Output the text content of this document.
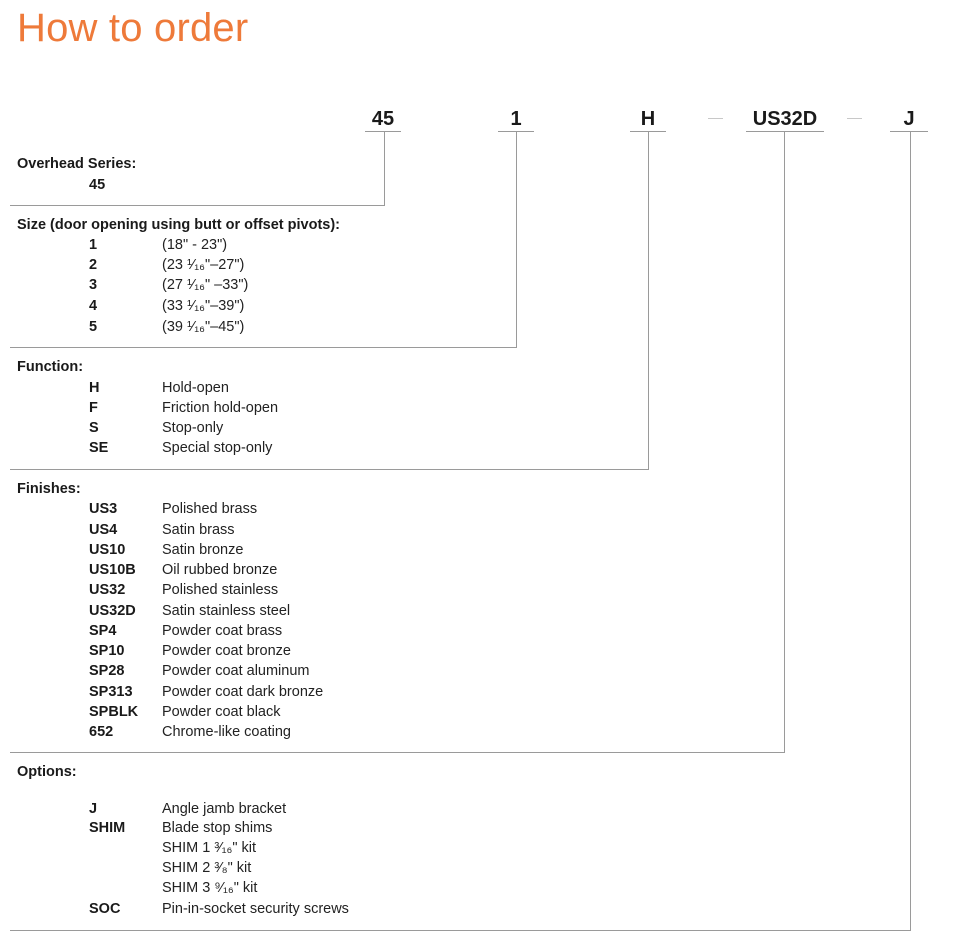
How to order
45	1	H	US32D	J
Overhead Series:
45
Size (door opening using butt or offset pivots):
1	(18" - 23")
2	(23 ¹⁄₁₆"–27")
3	(27 ¹⁄₁₆" –33")
4	(33 ¹⁄₁₆"–39")
5	(39 ¹⁄₁₆"–45")
Function:
H	Hold-open
F	Friction hold-open
S	Stop-only
SE	Special stop-only
Finishes:
US3	Polished brass
US4	Satin brass
US10	Satin bronze
US10B Oil rubbed bronze
US32	Polished stainless
US32D Satin stainless steel
SP4	Powder coat brass
SP10	Powder coat bronze
SP28	Powder coat aluminum
SP313 Powder coat dark bronze
SPBLK Powder coat black
652	Chrome-like coating
Options:
J	Angle jamb bracket
SHIM	Blade stop shims
SHIM 1 ³⁄₁₆" kit
SHIM 2 ³⁄₈" kit
SHIM 3 ⁹⁄₁₆" kit
SOC	Pin-in-socket security screws
